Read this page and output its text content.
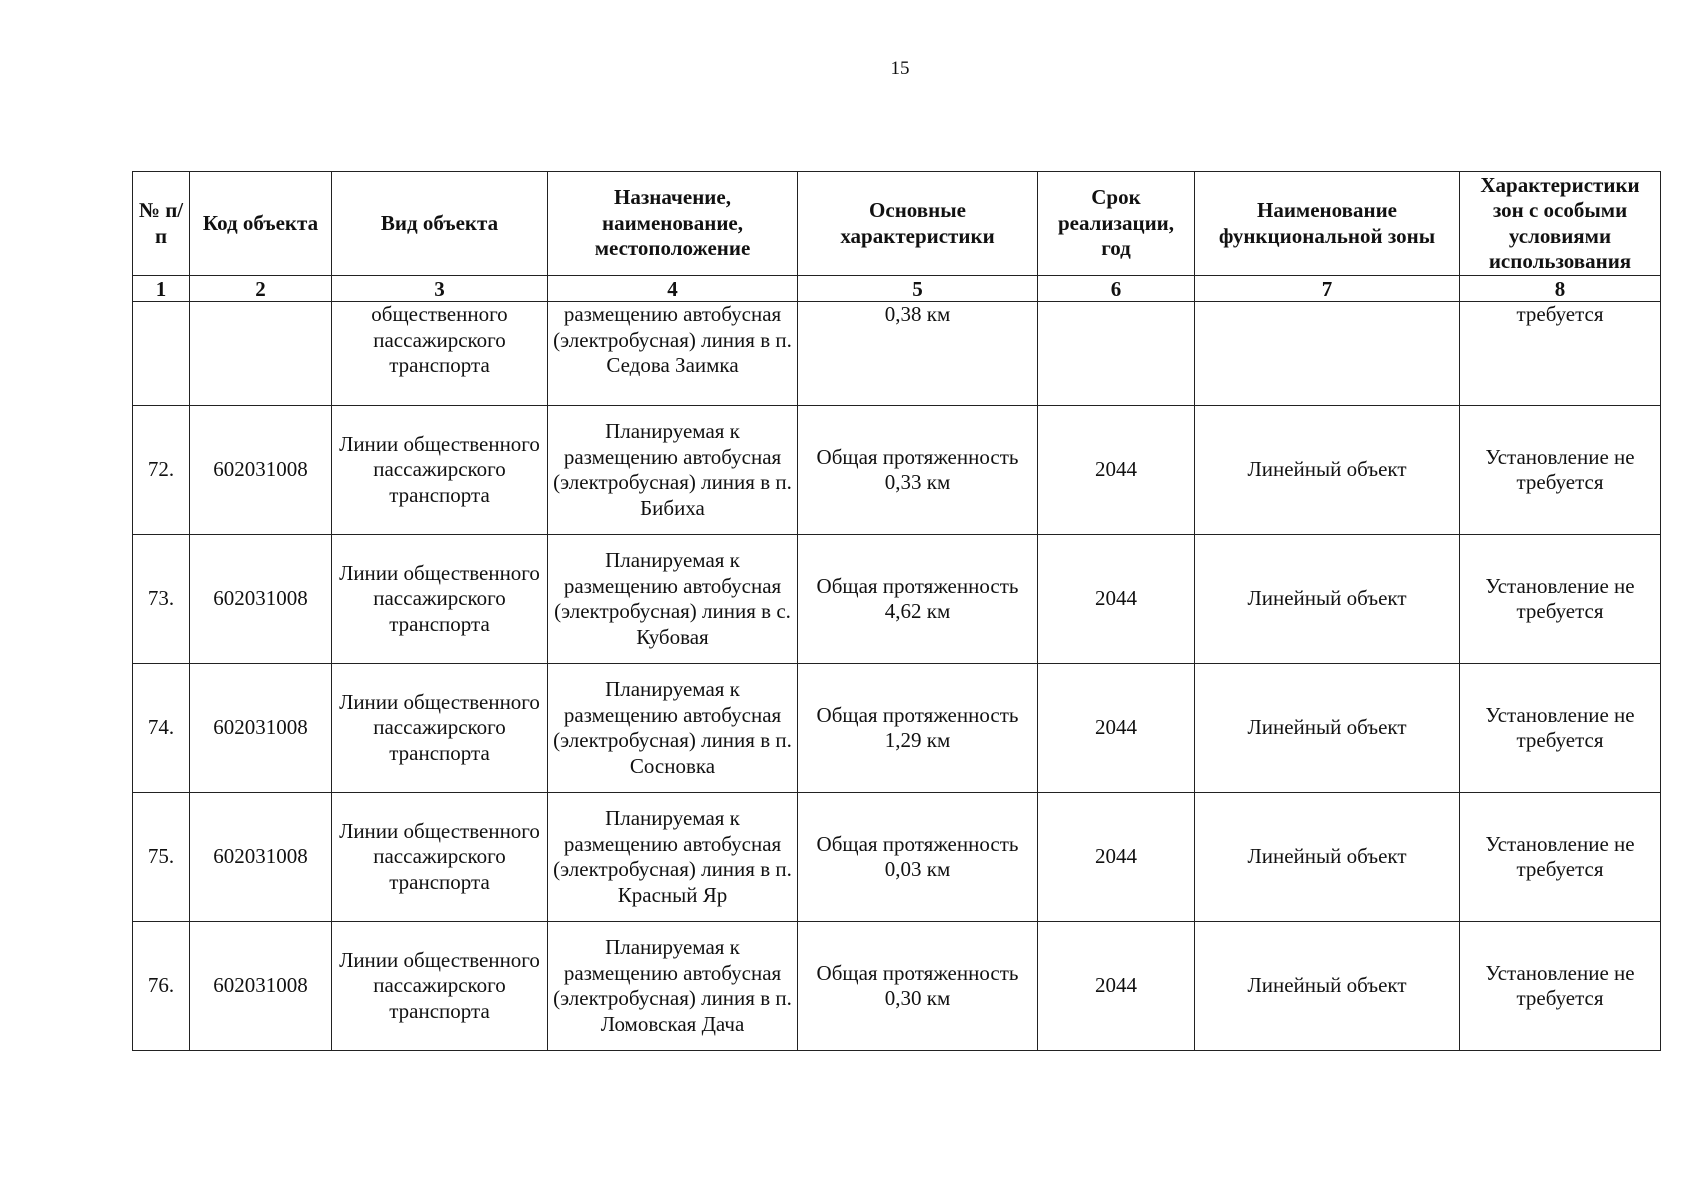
15
№ п/п	Код объекта	Вид объекта	Назначение, наименование, местоположение	Основные характеристики	Срок реализации, год	Наименование функциональной зоны	Характеристики зон с особыми условиями использования
1	2	3	4	5	6	7	8
		общественного пассажирского транспорта	размещению автобусная (электробусная) линия в п. Седова Заимка	0,38 км			требуется
72.	602031008	Линии общественного пассажирского транспорта	Планируемая к размещению автобусная (электробусная) линия в п. Бибиха	Общая протяженность 0,33 км	2044	Линейный объект	Установление не требуется
73.	602031008	Линии общественного пассажирского транспорта	Планируемая к размещению автобусная (электробусная) линия в с. Кубовая	Общая протяженность 4,62 км	2044	Линейный объект	Установление не требуется
74.	602031008	Линии общественного пассажирского транспорта	Планируемая к размещению автобусная (электробусная) линия в п. Сосновка	Общая протяженность 1,29 км	2044	Линейный объект	Установление не требуется
75.	602031008	Линии общественного пассажирского транспорта	Планируемая к размещению автобусная (электробусная) линия в п. Красный Яр	Общая протяженность 0,03 км	2044	Линейный объект	Установление не требуется
76.	602031008	Линии общественного пассажирского транспорта	Планируемая к размещению автобусная (электробусная) линия в п. Ломовская Дача	Общая протяженность 0,30 км	2044	Линейный объект	Установление не требуется
